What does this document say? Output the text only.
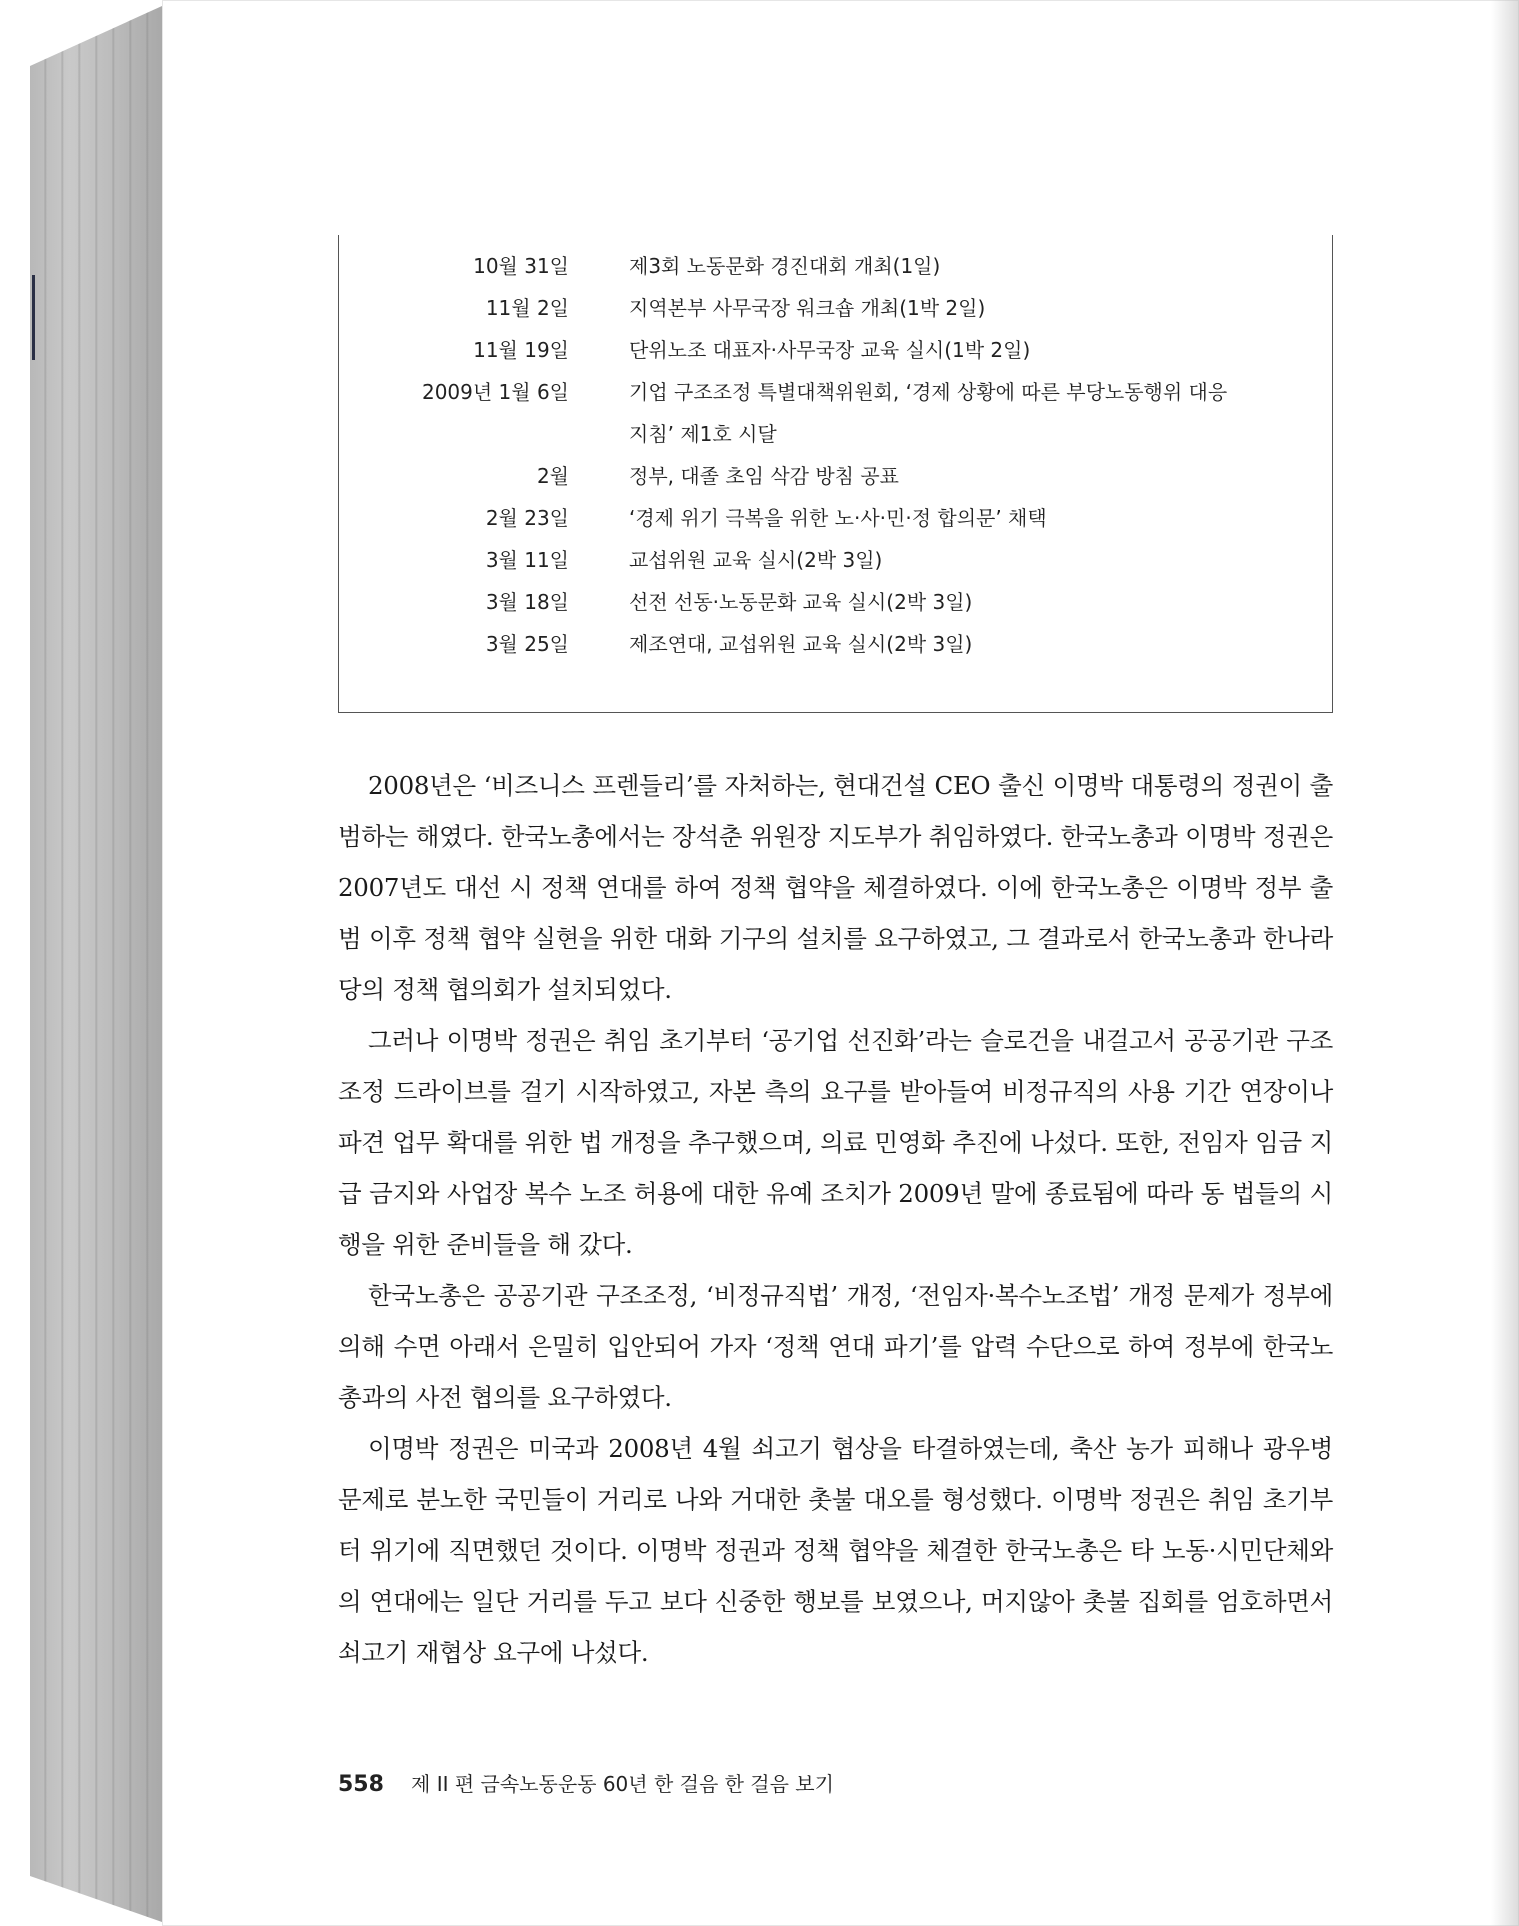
10월 31일	제3회 노동문화 경진대회 개최(1일)
11월 2일	지역본부 사무국장 워크숍 개최(1박 2일)
11월 19일	단위노조 대표자·사무국장 교육 실시(1박 2일)
2009년 1월 6일	기업 구조조정 특별대책위원회, ‘경제 상황에 따른 부당노동행위 대응
지침’ 제1호 시달
2월	정부, 대졸 초임 삭감 방침 공표
2월 23일	‘경제 위기 극복을 위한 노·사·민·정 합의문’ 채택
3월 11일	교섭위원 교육 실시(2박 3일)
3월 18일	선전 선동·노동문화 교육 실시(2박 3일)
3월 25일	제조연대, 교섭위원 교육 실시(2박 3일)

2008년은 ‘비즈니스 프렌들리’를 자처하는, 현대건설 CEO 출신 이명박 대통령의 정권이 출범하는 해였다. 한국노총에서는 장석춘 위원장 지도부가 취임하였다. 한국노총과 이명박 정권은 2007년도 대선 시 정책 연대를 하여 정책 협약을 체결하였다. 이에 한국노총은 이명박 정부 출범 이후 정책 협약 실현을 위한 대화 기구의 설치를 요구하였고, 그 결과로서 한국노총과 한나라당의 정책 협의회가 설치되었다.

그러나 이명박 정권은 취임 초기부터 ‘공기업 선진화’라는 슬로건을 내걸고서 공공기관 구조조정 드라이브를 걸기 시작하였고, 자본 측의 요구를 받아들여 비정규직의 사용 기간 연장이나 파견 업무 확대를 위한 법 개정을 추구했으며, 의료 민영화 추진에 나섰다. 또한, 전임자 임금 지급 금지와 사업장 복수 노조 허용에 대한 유예 조치가 2009년 말에 종료됨에 따라 동 법들의 시행을 위한 준비들을 해 갔다.

한국노총은 공공기관 구조조정, ‘비정규직법’ 개정, ‘전임자·복수노조법’ 개정 문제가 정부에 의해 수면 아래서 은밀히 입안되어 가자 ‘정책 연대 파기’를 압력 수단으로 하여 정부에 한국노총과의 사전 협의를 요구하였다.

이명박 정권은 미국과 2008년 4월 쇠고기 협상을 타결하였는데, 축산 농가 피해나 광우병 문제로 분노한 국민들이 거리로 나와 거대한 촛불 대오를 형성했다. 이명박 정권은 취임 초기부터 위기에 직면했던 것이다. 이명박 정권과 정책 협약을 체결한 한국노총은 타 노동·시민단체와의 연대에는 일단 거리를 두고 보다 신중한 행보를 보였으나, 머지않아 촛불 집회를 엄호하면서 쇠고기 재협상 요구에 나섰다.

558 제 II 편 금속노동운동 60년 한 걸음 한 걸음 보기
